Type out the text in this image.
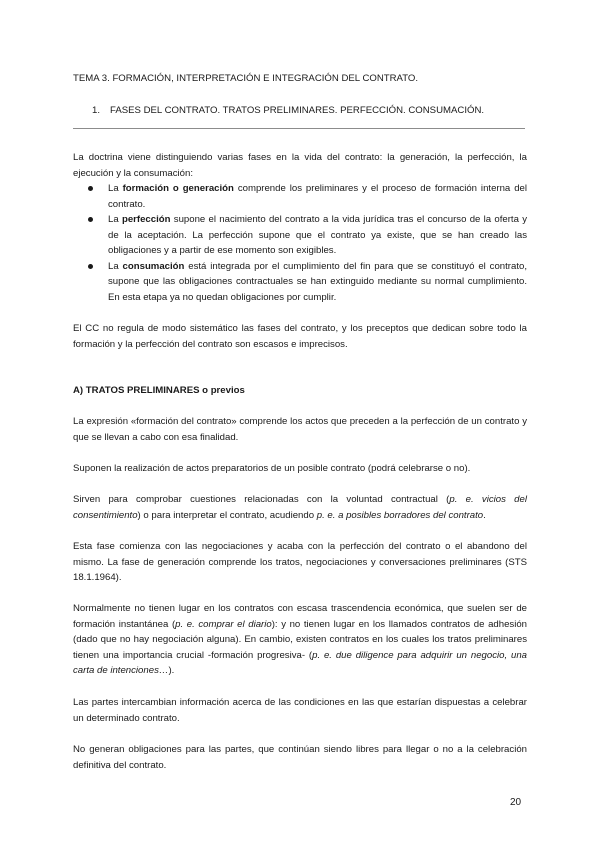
TEMA 3. FORMACIÓN, INTERPRETACIÓN E INTEGRACIÓN DEL CONTRATO.

1.	FASES DEL CONTRATO. TRATOS PRELIMINARES. PERFECCIÓN. CONSUMACIÓN.

La doctrina viene distinguiendo varias fases en la vida del contrato: la generación, la perfección, la ejecución y la consumación:

La formación o generación comprende los preliminares y el proceso de formación interna del contrato.
La perfección supone el nacimiento del contrato a la vida jurídica tras el concurso de la oferta y de la aceptación. La perfección supone que el contrato ya existe, que se han creado las obligaciones y a partir de ese momento son exigibles.
La consumación está integrada por el cumplimiento del fin para que se constituyó el contrato, supone que las obligaciones contractuales se han extinguido mediante su normal cumplimiento. En esta etapa ya no quedan obligaciones por cumplir.

El CC no regula de modo sistemático las fases del contrato, y los preceptos que dedican sobre todo la formación y la perfección del contrato son escasos e imprecisos.

A) TRATOS PRELIMINARES o previos

La expresión «formación del contrato» comprende los actos que preceden a la perfección de un contrato y que se llevan a cabo con esa finalidad.

Suponen la realización de actos preparatorios de un posible contrato (podrá celebrarse o no).

Sirven para comprobar cuestiones relacionadas con la voluntad contractual (p. e. vicios del consentimiento) o para interpretar el contrato, acudiendo p. e. a posibles borradores del contrato.

Esta fase comienza con las negociaciones y acaba con la perfección del contrato o el abandono del mismo. La fase de generación comprende los tratos, negociaciones y conversaciones preliminares (STS 18.1.1964).

Normalmente no tienen lugar en los contratos con escasa trascendencia económica, que suelen ser de formación instantánea (p. e. comprar el diario): y no tienen lugar en los llamados contratos de adhesión (dado que no hay negociación alguna). En cambio, existen contratos en los cuales los tratos preliminares tienen una importancia crucial -formación progresiva- (p. e. due diligence para adquirir un negocio, una carta de intenciones…).

Las partes intercambian información acerca de las condiciones en las que estarían dispuestas a celebrar un determinado contrato.

No generan obligaciones para las partes, que continúan siendo libres para llegar o no a la celebración definitiva del contrato.

20
